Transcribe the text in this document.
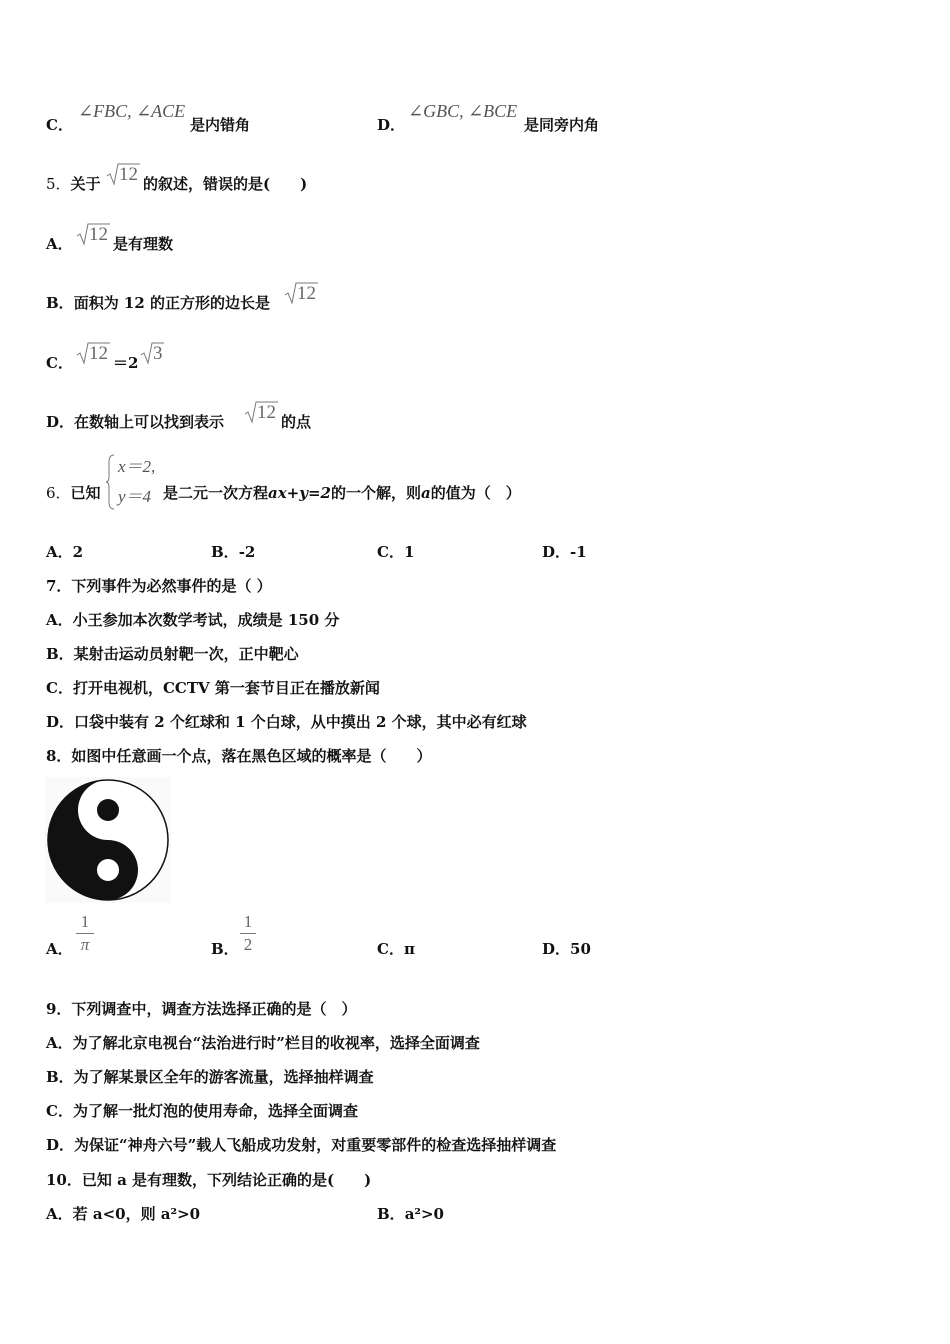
C．
∠FBC, ∠ACE
是内错角	D．
∠GBC, ∠BCE
是同旁内角
5．关于 12 的叙述，错误的是(　　)
A． 12 是有理数
B．面积为 12 的正方形的边长是 12
C． 12 ＝2 3
D．在数轴上可以找到表示 12 的点
6．已知
x＝2,
y＝4 是二元一次方程ax+y=2的一个解，则a的值为（　）
A．2	B．-2	C．1	D．-1
7．下列事件为必然事件的是（ ）
A．小王参加本次数学考试，成绩是 150 分
B．某射击运动员射靶一次，正中靶心
C．打开电视机，CCTV 第一套节目正在播放新闻
D．口袋中装有 2 个红球和 1 个白球，从中摸出 2 个球，其中必有红球
8．如图中任意画一个点，落在黑色区域的概率是（　　）
A．
1
π	B．
1
2	C．π	D．50
9．下列调查中，调查方法选择正确的是（　）
A．为了解北京电视台“法治进行时”栏目的收视率，选择全面调查
B．为了解某景区全年的游客流量，选择抽样调查
C．为了解一批灯泡的使用寿命，选择全面调查
D．为保证“神舟六号”载人飞船成功发射，对重要零部件的检查选择抽样调查
10．已知 a 是有理数，下列结论正确的是(　　)
A．若 a<0，则 a²>0	B．a²>0
